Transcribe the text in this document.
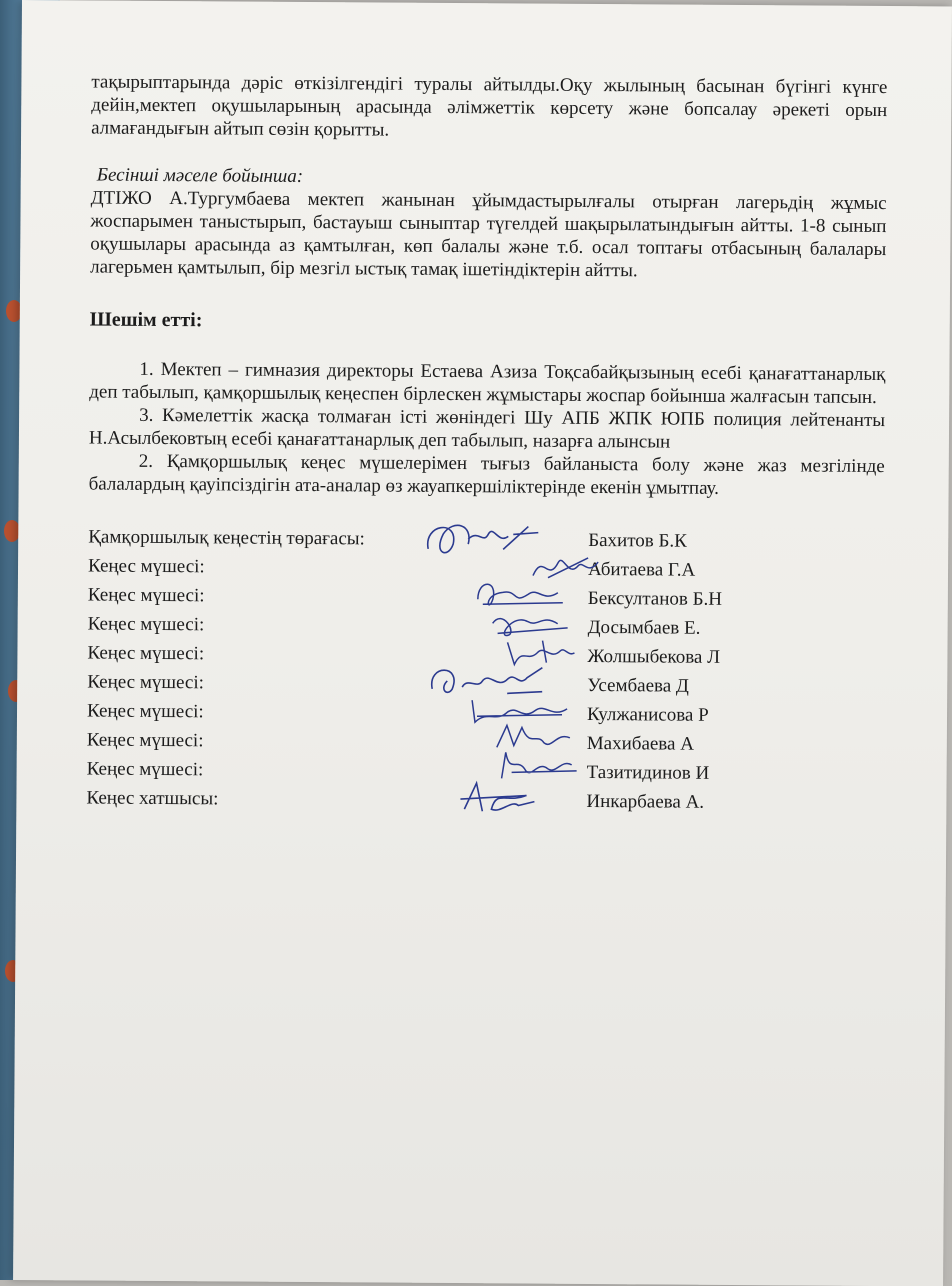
тақырыптарында дәріс өткізілгендігі туралы айтылды.Оқу жылының басынан бүгінгі күнге дейін,мектеп оқушыларының арасында әлімжеттік көрсету және бопсалау әрекеті орын алмағандығын айтып сөзін қорытты.

Бесінші мәселе бойынша:

ДТІЖО А.Тургумбаева мектеп жанынан ұйымдастырылғалы отырған лагерьдің жұмыс жоспарымен таныстырып, бастауыш сыныптар түгелдей шақырылатындығын айтты. 1-8 сынып оқушылары арасында аз қамтылған, көп балалы және т.б. осал топтағы отбасының балалары лагерьмен қамтылып, бір мезгіл ыстық тамақ ішетіндіктерін айтты.

Шешім етті:

1. Мектеп – гимназия директоры Естаева Азиза Тоқсабайқызының есебі қанағаттанарлық деп табылып, қамқоршылық кеңеспен бірлескен жұмыстары жоспар бойынша жалғасын тапсын.

3. Кәмелеттік жасқа толмаған істі жөніндегі Шу АПБ ЖПК ЮПБ полиция лейтенанты Н.Асылбековтың есебі қанағаттанарлық деп табылып, назарға алынсын

2. Қамқоршылық кеңес мүшелерімен тығыз байланыста болу және жаз мезгілінде балалардың қауіпсіздігін ата-аналар өз жауапкершіліктерінде екенін ұмытпау.

Қамқоршылық кеңестің төрағасы:		Бахитов Б.К
Кеңес мүшесі:		Абитаева Г.А
Кеңес мүшесі:		Бексултанов Б.Н
Кеңес мүшесі:		Досымбаев Е.
Кеңес мүшесі:		Жолшыбекова Л
Кеңес мүшесі:		Усембаева Д
Кеңес мүшесі:		Кулжанисова Р
Кеңес мүшесі:		Махибаева А
Кеңес мүшесі:		Тазитидинов И
Кеңес хатшысы:		Инкарбаева А.
